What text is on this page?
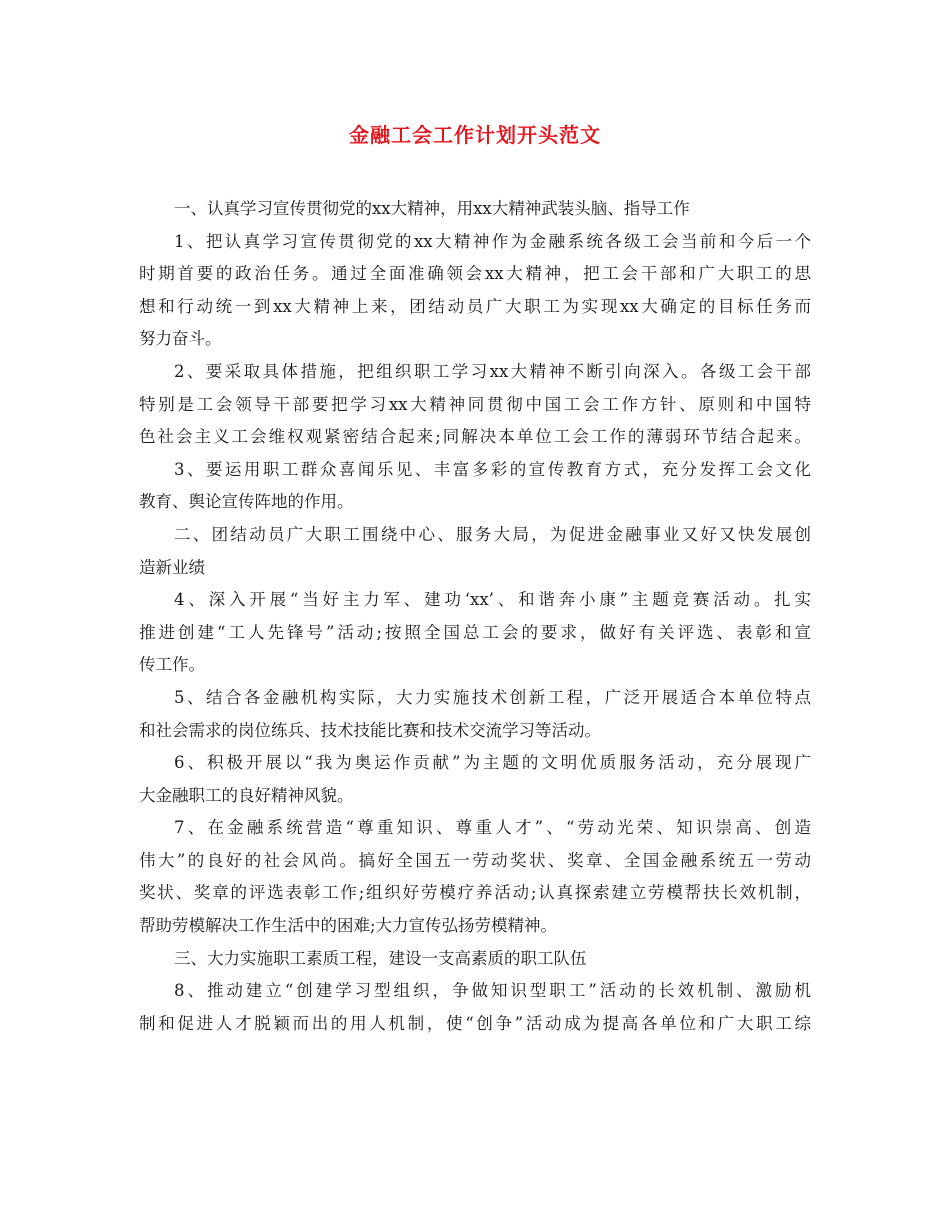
金融工会工作计划开头范文
一、认真学习宣传贯彻党的xx大精神，用xx大精神武装头脑、指导工作
1、把认真学习宣传贯彻党的xx大精神作为金融系统各级工会当前和今后一个
时期首要的政治任务。通过全面准确领会xx大精神，把工会干部和广大职工的思
想和行动统一到xx大精神上来，团结动员广大职工为实现xx大确定的目标任务而
努力奋斗。
2、要采取具体措施，把组织职工学习xx大精神不断引向深入。各级工会干部
特别是工会领导干部要把学习xx大精神同贯彻中国工会工作方针、原则和中国特
色社会主义工会维权观紧密结合起来;同解决本单位工会工作的薄弱环节结合起来。
3、要运用职工群众喜闻乐见、丰富多彩的宣传教育方式，充分发挥工会文化
教育、舆论宣传阵地的作用。
二、团结动员广大职工围绕中心、服务大局，为促进金融事业又好又快发展创
造新业绩
4、深入开展“当好主力军、建功‘xx’、和谐奔小康”主题竞赛活动。扎实
推进创建“工人先锋号”活动;按照全国总工会的要求，做好有关评选、表彰和宣
传工作。
5、结合各金融机构实际，大力实施技术创新工程，广泛开展适合本单位特点
和社会需求的岗位练兵、技术技能比赛和技术交流学习等活动。
6、积极开展以“我为奥运作贡献”为主题的文明优质服务活动，充分展现广
大金融职工的良好精神风貌。
7、在金融系统营造“尊重知识、尊重人才”、“劳动光荣、知识崇高、创造
伟大”的良好的社会风尚。搞好全国五一劳动奖状、奖章、全国金融系统五一劳动
奖状、奖章的评选表彰工作;组织好劳模疗养活动;认真探索建立劳模帮扶长效机制，
帮助劳模解决工作生活中的困难;大力宣传弘扬劳模精神。
三、大力实施职工素质工程，建设一支高素质的职工队伍
8、推动建立“创建学习型组织，争做知识型职工”活动的长效机制、激励机
制和促进人才脱颖而出的用人机制，使“创争”活动成为提高各单位和广大职工综
